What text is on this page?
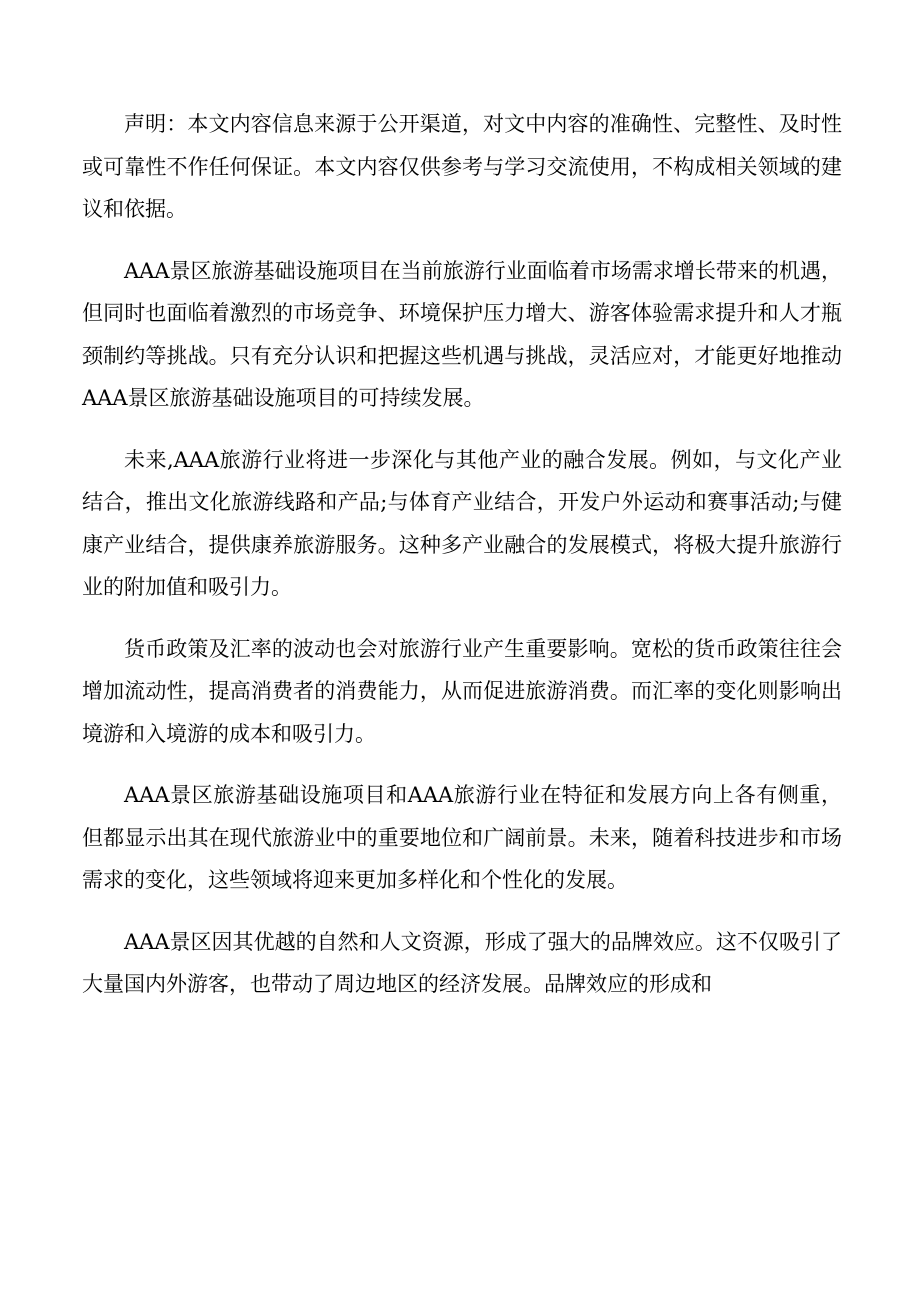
声明：本文内容信息来源于公开渠道，对文中内容的准确性、完整性、及时性或可靠性不作任何保证。本文内容仅供参考与学习交流使用，不构成相关领域的建议和依据。

AAA景区旅游基础设施项目在当前旅游行业面临着市场需求增长带来的机遇，但同时也面临着激烈的市场竞争、环境保护压力增大、游客体验需求提升和人才瓶颈制约等挑战。只有充分认识和把握这些机遇与挑战，灵活应对，才能更好地推动AAA景区旅游基础设施项目的可持续发展。

未来,AAA旅游行业将进一步深化与其他产业的融合发展。例如，与文化产业结合，推出文化旅游线路和产品;与体育产业结合，开发户外运动和赛事活动;与健康产业结合，提供康养旅游服务。这种多产业融合的发展模式，将极大提升旅游行业的附加值和吸引力。

货币政策及汇率的波动也会对旅游行业产生重要影响。宽松的货币政策往往会增加流动性，提高消费者的消费能力，从而促进旅游消费。而汇率的变化则影响出境游和入境游的成本和吸引力。

AAA景区旅游基础设施项目和AAA旅游行业在特征和发展方向上各有侧重，但都显示出其在现代旅游业中的重要地位和广阔前景。未来，随着科技进步和市场需求的变化，这些领域将迎来更加多样化和个性化的发展。

AAA景区因其优越的自然和人文资源，形成了强大的品牌效应。这不仅吸引了大量国内外游客，也带动了周边地区的经济发展。品牌效应的形成和
